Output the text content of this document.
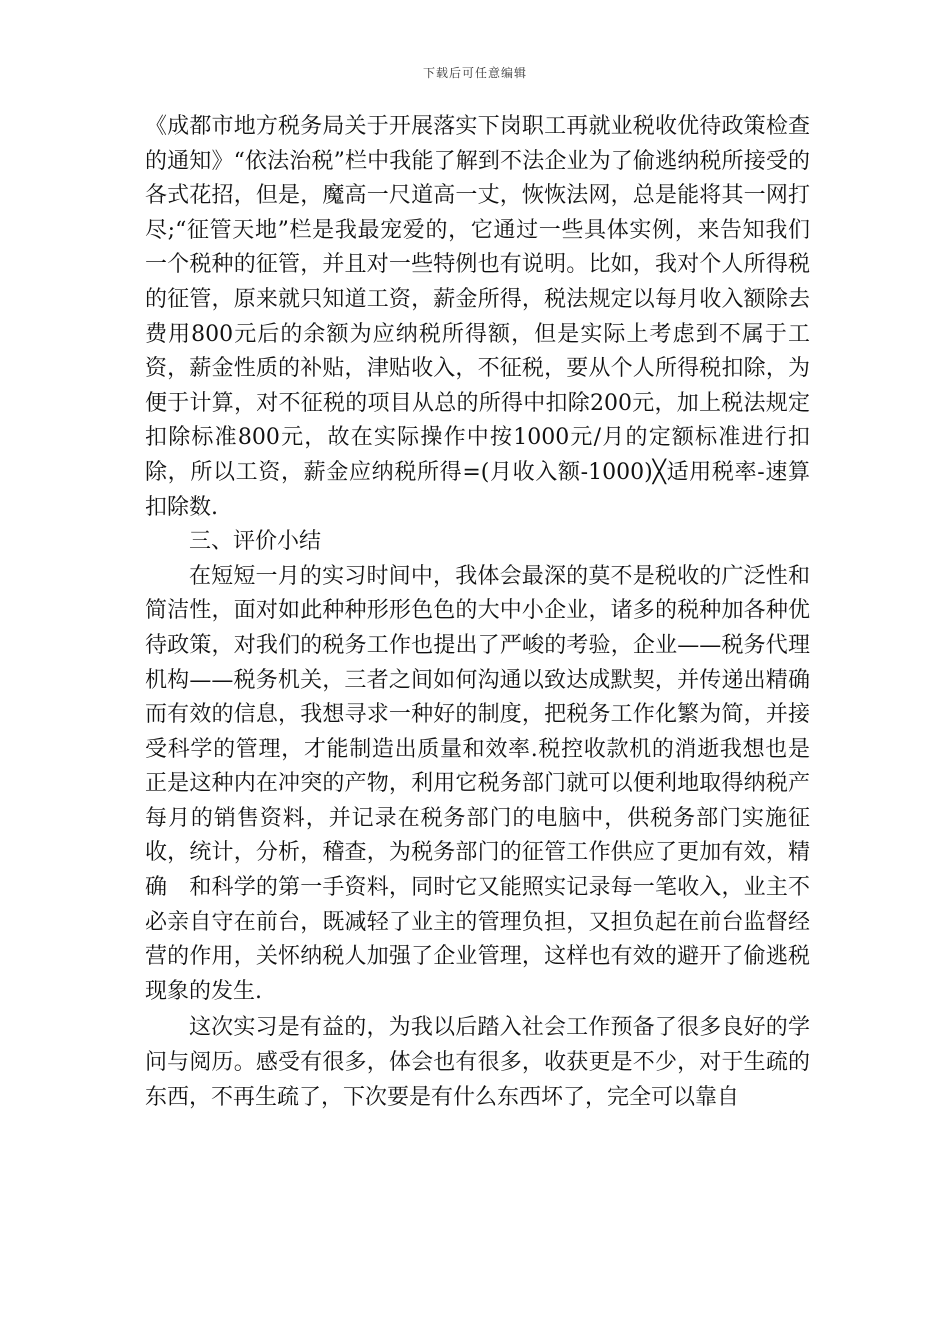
下载后可任意编辑

《成都市地方税务局关于开展落实下岗职工再就业税收优待政策检查的通知》“依法治税”栏中我能了解到不法企业为了偷逃纳税所接受的各式花招，但是，魔高一尺道高一丈，恢恢法网，总是能将其一网打尽;“征管天地”栏是我最宠爱的，它通过一些具体实例，来告知我们一个税种的征管，并且对一些特例也有说明。比如，我对个人所得税的征管，原来就只知道工资，薪金所得，税法规定以每月收入额除去费用800元后的余额为应纳税所得额，但是实际上考虑到不属于工资，薪金性质的补贴，津贴收入，不征税，要从个人所得税扣除，为便于计算，对不征税的项目从总的所得中扣除200元，加上税法规定扣除标准800元，故在实际操作中按1000元/月的定额标准进行扣除，所以工资，薪金应纳税所得=(月收入额-1000)╳适用税率-速算扣除数.

三、评价小结

在短短一月的实习时间中，我体会最深的莫不是税收的广泛性和简洁性，面对如此种种形形色色的大中小企业，诸多的税种加各种优待政策，对我们的税务工作也提出了严峻的考验，企业——税务代理机构——税务机关，三者之间如何沟通以致达成默契，并传递出精确　而有效的信息，我想寻求一种好的制度，把税务工作化繁为简，并接受科学的管理，才能制造出质量和效率.税控收款机的消逝我想也是正是这种内在冲突的产物，利用它税务部门就可以便利地取得纳税产每月的销售资料，并记录在税务部门的电脑中，供税务部门实施征收，统计，分析，稽查，为税务部门的征管工作供应了更加有效，精确　和科学的第一手资料，同时它又能照实记录每一笔收入，业主不必亲自守在前台，既减轻了业主的管理负担，又担负起在前台监督经营的作用，关怀纳税人加强了企业管理，这样也有效的避开了偷逃税现象的发生.

这次实习是有益的，为我以后踏入社会工作预备了很多良好的学问与阅历。感受有很多，体会也有很多，收获更是不少，对于生疏的东西，不再生疏了，下次要是有什么东西坏了，完全可以靠自
